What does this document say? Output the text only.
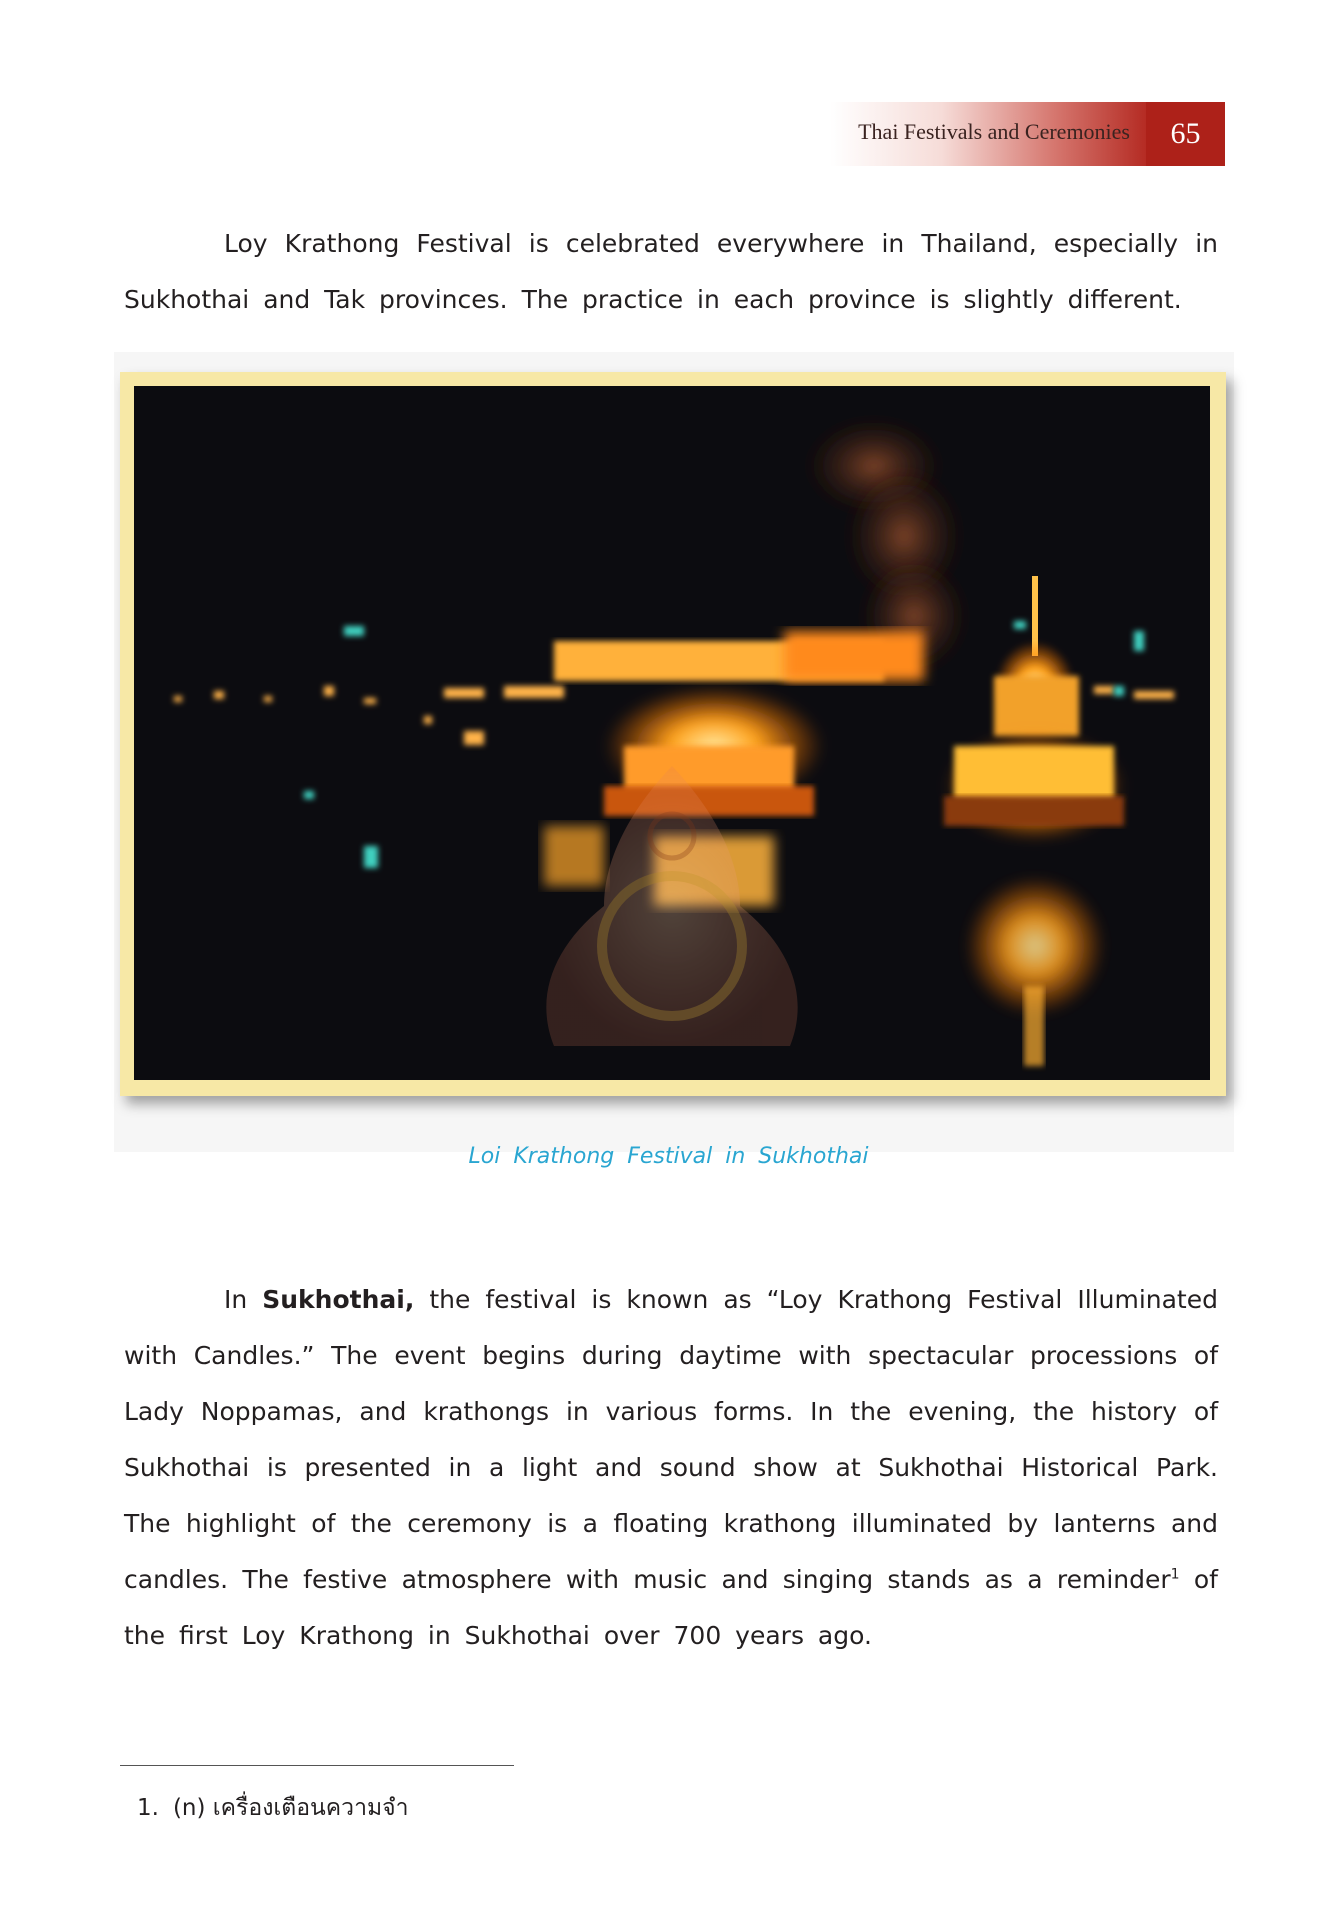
Thai Festivals and Ceremonies	65
Loy Krathong Festival is celebrated everywhere in Thailand, especially in Sukhothai and Tak provinces. The practice in each province is slightly different.
Loi Krathong Festival in Sukhothai
In Sukhothai, the festival is known as “Loy Krathong Festival Illuminated with Candles.” The event begins during daytime with spectacular processions of Lady Noppamas, and krathongs in various forms. In the evening, the history of Sukhothai is presented in a light and sound show at Sukhothai Historical Park. The highlight of the ceremony is a floating krathong illuminated by lanterns and candles. The festive atmosphere with music and singing stands as a reminder$^1$ of the first Loy Krathong in Sukhothai over 700 years ago.
1. (n) เครื่องเตือนความจำ
